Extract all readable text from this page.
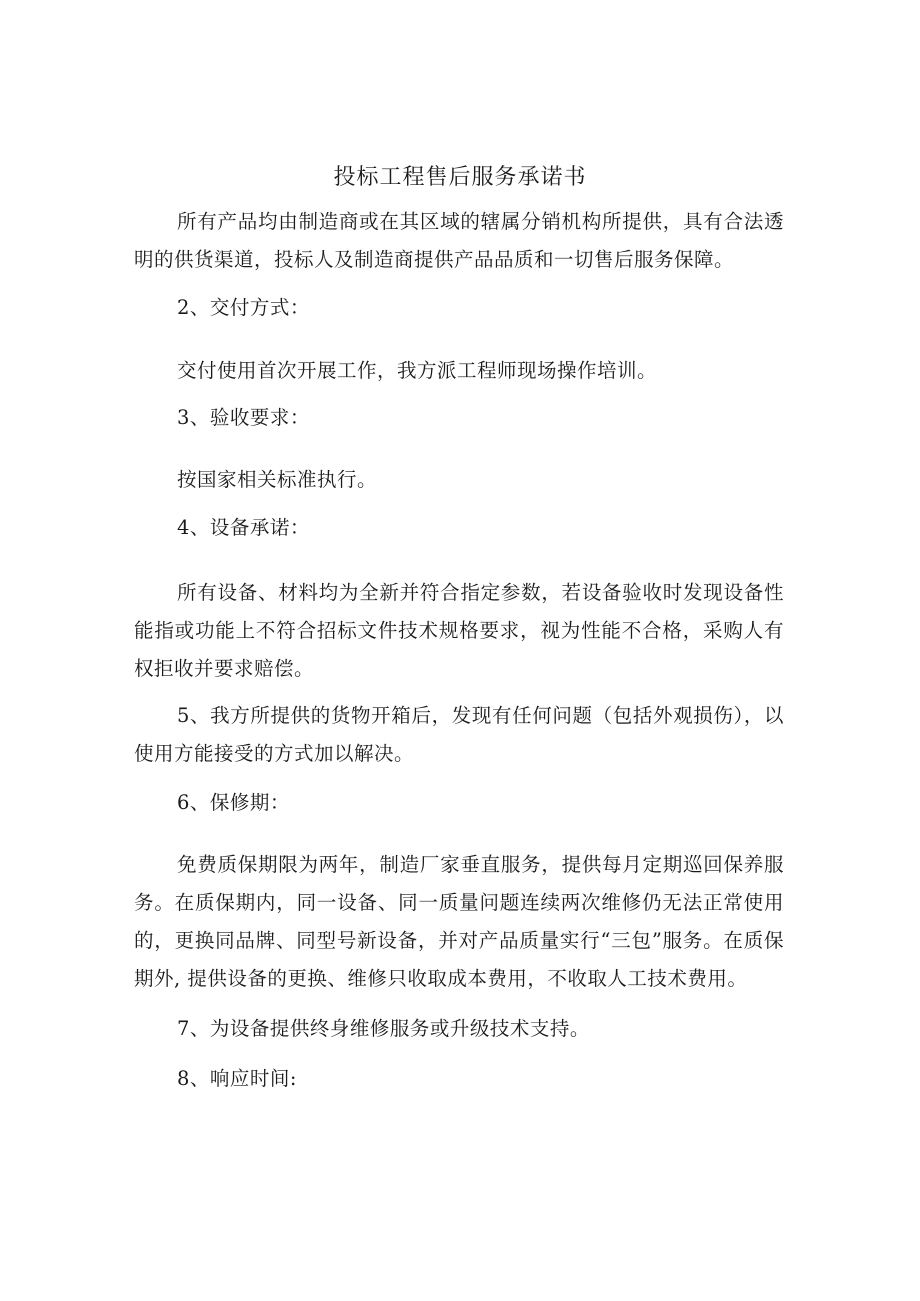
投标工程售后服务承诺书

所有产品均由制造商或在其区域的辖属分销机构所提供，具有合法透明的供货渠道，投标人及制造商提供产品品质和一切售后服务保障。

2、交付方式：

交付使用首次开展工作，我方派工程师现场操作培训。

3、验收要求：

按国家相关标准执行。

4、设备承诺：

所有设备、材料均为全新并符合指定参数，若设备验收时发现设备性能指或功能上不符合招标文件技术规格要求，视为性能不合格，采购人有权拒收并要求赔偿。

5、我方所提供的货物开箱后，发现有任何问题（包括外观损伤），以使用方能接受的方式加以解决。

6、保修期：

免费质保期限为两年，制造厂家垂直服务，提供每月定期巡回保养服务。在质保期内，同一设备、同一质量问题连续两次维修仍无法正常使用的，更换同品牌、同型号新设备，并对产品质量实行“三包”服务。在质保期外, 提供设备的更换、维修只收取成本费用，不收取人工技术费用。

7、为设备提供终身维修服务或升级技术支持。

8、响应时间:
